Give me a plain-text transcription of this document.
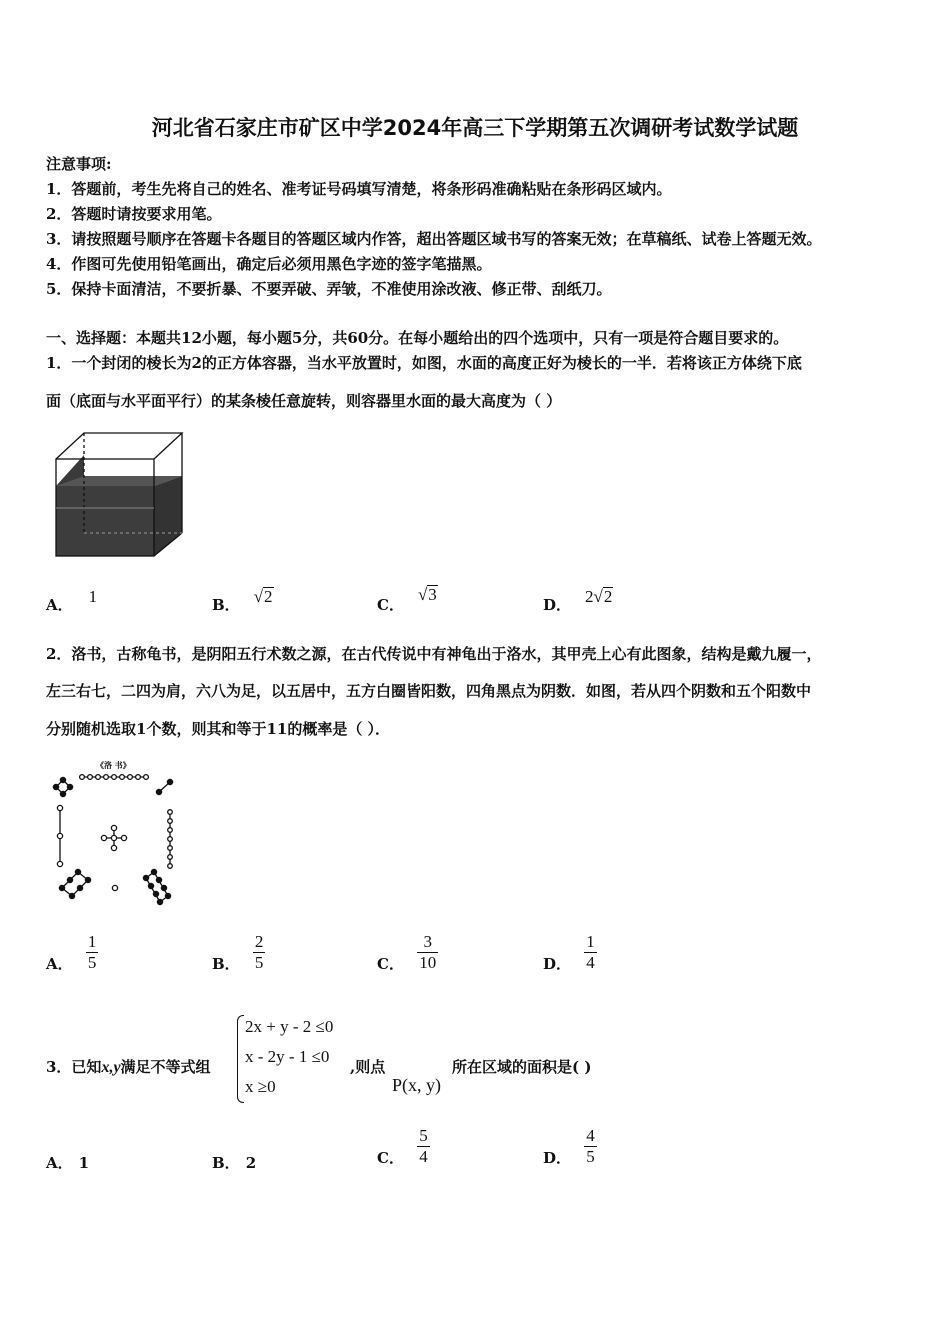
河北省石家庄市矿区中学2024年高三下学期第五次调研考试数学试题
注意事项:
1．答题前，考生先将自己的姓名、准考证号码填写清楚，将条形码准确粘贴在条形码区域内。
2．答题时请按要求用笔。
3．请按照题号顺序在答题卡各题目的答题区域内作答，超出答题区域书写的答案无效；在草稿纸、试卷上答题无效。
4．作图可先使用铅笔画出，确定后必须用黑色字迹的签字笔描黑。
5．保持卡面清洁，不要折暴、不要弄破、弄皱，不准使用涂改液、修正带、刮纸刀。
一、选择题：本题共12小题，每小题5分，共60分。在每小题给出的四个选项中，只有一项是符合题目要求的。
1．一个封闭的棱长为2的正方体容器，当水平放置时，如图，水面的高度正好为棱长的一半．若将该正方体绕下底
面（底面与水平面平行）的某条棱任意旋转，则容器里水面的最大高度为（ ）
A． 1	B． √2	C．√3
D． 2√2
2．洛书，古称龟书，是阴阳五行术数之源，在古代传说中有神龟出于洛水，其甲壳上心有此图象，结构是戴九履一，
左三右七，二四为肩，六八为足，以五居中，五方白圈皆阳数，四角黑点为阴数．如图，若从四个阴数和五个阳数中
分别随机选取1个数，则其和等于11的概率是（ ）．
《洛 书》
A． $\frac{1}{5}$	B． $\frac{2}{5}$	C． $\frac{3}{10}$	D． $\frac{1}{4}$
3．已知x,y满足不等式组
2x + y - 2 ≤0
x - 2y - 1 ≤0
x ≥0
,则点
P(x, y)
所在区域的面积是( )
A． 1	B． 2	C． $\frac{5}{4}$	D． $\frac{4}{5}$
